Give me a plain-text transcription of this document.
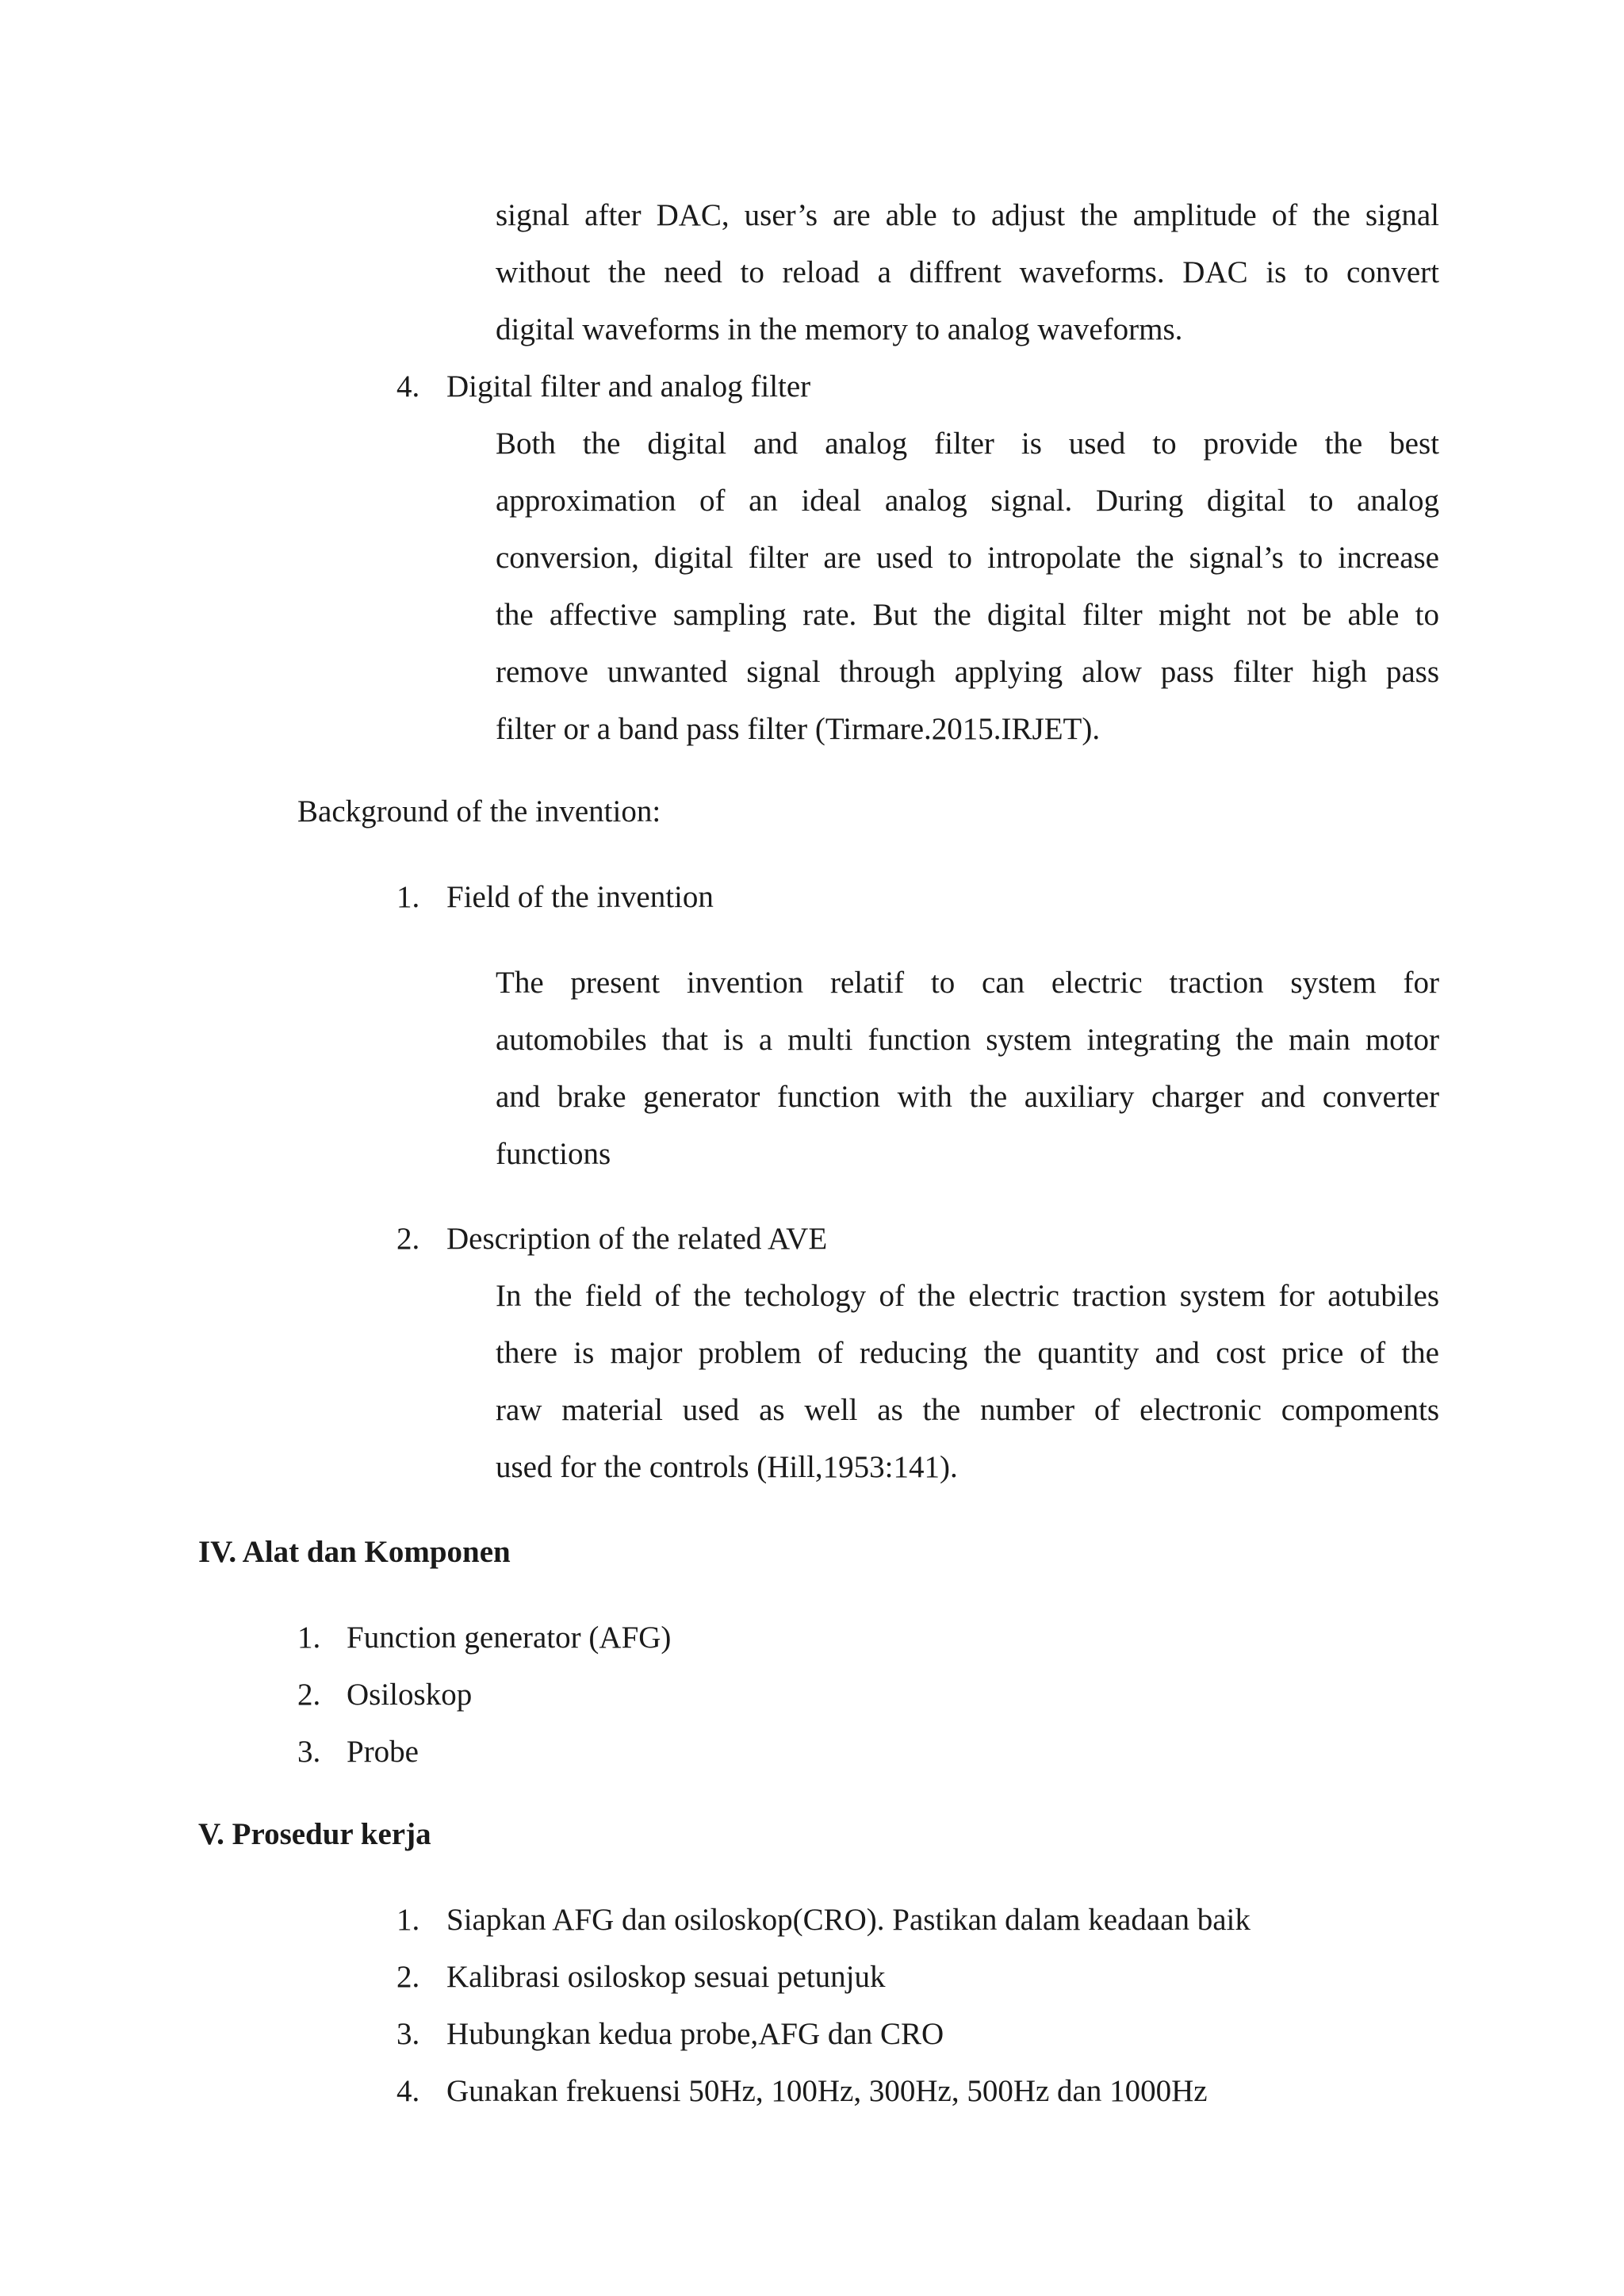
signal after DAC, user’s are able to adjust the amplitude of the signal
without the need to reload a diffrent waveforms. DAC is to convert
digital waveforms in the memory to analog waveforms.
4. Digital filter and analog filter
Both the digital and analog filter is used to provide the best
approximation of an ideal analog signal. During digital to analog
conversion, digital filter are used to intropolate the signal’s to increase
the affective sampling rate. But the digital filter might not be able to
remove unwanted signal through applying alow pass filter high pass
filter or a band pass filter (Tirmare.2015.IRJET).
Background of the invention:
1. Field of the invention
The present invention relatif to can electric traction system for
automobiles that is a multi function system integrating the main motor
and brake generator function with the auxiliary charger and converter
functions
2. Description of the related AVE
In the field of the techology of the electric traction system for aotubiles
there is major problem of reducing the quantity and cost price of the
raw material used as well as the number of electronic compoments
used for the controls (Hill,1953:141).
IV. Alat dan Komponen
1. Function generator (AFG)
2. Osiloskop
3. Probe
V. Prosedur kerja
1. Siapkan AFG dan osiloskop(CRO). Pastikan dalam keadaan baik
2. Kalibrasi osiloskop sesuai petunjuk
3. Hubungkan kedua probe,AFG dan CRO
4. Gunakan frekuensi 50Hz, 100Hz, 300Hz, 500Hz dan 1000Hz
